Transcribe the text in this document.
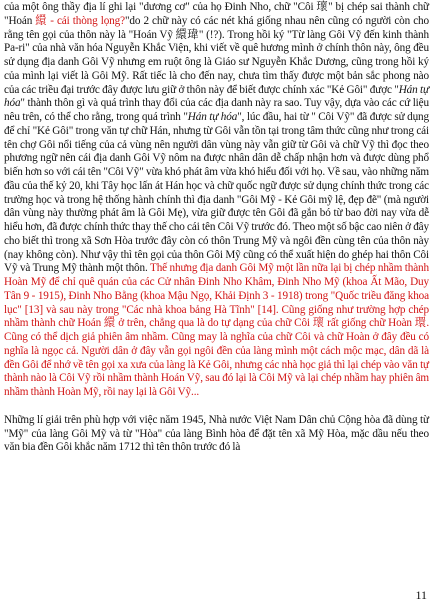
của một ông thầy địa lí ghi lại "dương cơ" của họ Đinh Nho, chữ "Côi 瓌" bị chép sai thành chữ "Hoán 繯 - cái thòng lọng?"do 2 chữ này có các nét khá giống nhau nên cũng có người còn cho rằng tên gọi của thôn này là "Hoán Vỹ 繯瑋" (!?). Trong hồi ký "Từ làng Gôi Vỹ đến kinh thành Pa-ri" của nhà văn hóa Nguyễn Khắc Viện, khi viết về quê hương mình ở chính thôn này, ông đều sử dụng địa danh Gôi Vỹ nhưng em ruột ông là Giáo sư Nguyễn Khắc Dương, cũng trong hồi ký của mình lại viết là Gôi Mỹ. Rất tiếc là cho đến nay, chưa tìm thấy được một bản sắc phong nào của các triều đại trước đây được lưu giữ ở thôn này để biết được chính xác "Kẻ Gôi" được "Hán tự hóa" thành thôn gì và quá trình thay đổi của các địa danh này ra sao. Tuy vậy, dựa vào các cứ liệu nêu trên, có thể cho rằng, trong quá trình "Hán tự hóa", lúc đầu, hai từ " Côi Vỹ" đã được sử dụng để chỉ "Kẻ Gôi" trong văn tự chữ Hán, nhưng từ Gôi vẫn tồn tại trong tâm thức cũng như trong cái tên chợ Gôi nổi tiếng của cả vùng nên người dân vùng này vẫn giữ từ Gôi và chữ Vỹ thì đọc theo phương ngữ nên cái địa danh Gôi Vỹ nôm na được nhân dân dễ chấp nhận hơn và được dùng phổ biến hơn so với cái tên "Côi Vỹ" vừa khó phát âm vừa khó hiểu đối với họ. Về sau, vào những năm đầu của thế kỷ 20, khi Tây học lấn át Hán học và chữ quốc ngữ được sử dụng chính thức trong các trường học và trong hệ thống hành chính thì địa danh "Gôi Mỹ - Kẻ Gôi mỹ lệ, đẹp đẽ" (mà người dân vùng này thường phát âm là Gôi Mẹ), vừa giữ được tên Gôi đã gắn bó từ bao đời nay vừa dễ hiểu hơn, đã được chính thức thay thế cho cái tên Côi Vỹ trước đó. Theo một số bậc cao niên ở đây cho biết thì trong xã Sơn Hòa trước đây còn có thôn Trung Mỹ và ngôi đền cùng tên của thôn này (nay không còn). Như vậy thì tên gọi của thôn Gôi Mỹ cũng có thể xuất hiện do ghép hai thôn Côi Vỹ và Trung Mỹ thành một thôn. Thế nhưng địa danh Gôi Mỹ một lần nữa lại bị chép nhầm thành Hoàn Mỹ để chỉ quê quán của các Cử nhân Đinh Nho Khâm, Đinh Nho Mỹ (khoa Ất Mão, Duy Tân 9 - 1915), Đinh Nho Bằng (khoa Mậu Ngọ, Khải Định 3 - 1918) trong "Quốc triều đăng khoa lục" [13] và sau này trong "Các nhà khoa bảng Hà Tĩnh" [14]. Cũng giống như trường hợp chép nhầm thành chữ Hoán 繯 ở trên, chẳng qua là do tự dạng của chữ Côi 瓌 rất giống chữ Hoàn 環. Cũng có thể dịch giả phiên âm nhầm. Cũng may là nghĩa của chữ Côi và chữ Hoàn ở đây đều có nghĩa là ngọc cả. Người dân ở đây vẫn gọi ngôi đền của làng mình một cách mộc mạc, dân dã là đền Gôi để nhớ về tên gọi xa xưa của làng là Kẻ Gôi, nhưng các nhà học giả thì lại chép vào văn tự thành nào là Côi Vỹ rồi nhầm thành Hoán Vỹ, sau đó lại là Côi Mỹ và lại chép nhầm hay phiên âm nhầm thành Hoàn Mỹ, rồi nay lại là Gôi Vỹ...

Những lí giải trên phù hợp với việc năm 1945, Nhà nước Việt Nam Dân chủ Cộng hòa đã dùng từ "Mỹ" của làng Gôi Mỹ và từ "Hòa" của làng Bình hòa để đặt tên xã Mỹ Hòa, mặc dầu nếu theo văn bia đền Gôi khắc năm 1712 thì tên thôn trước đó là

11
